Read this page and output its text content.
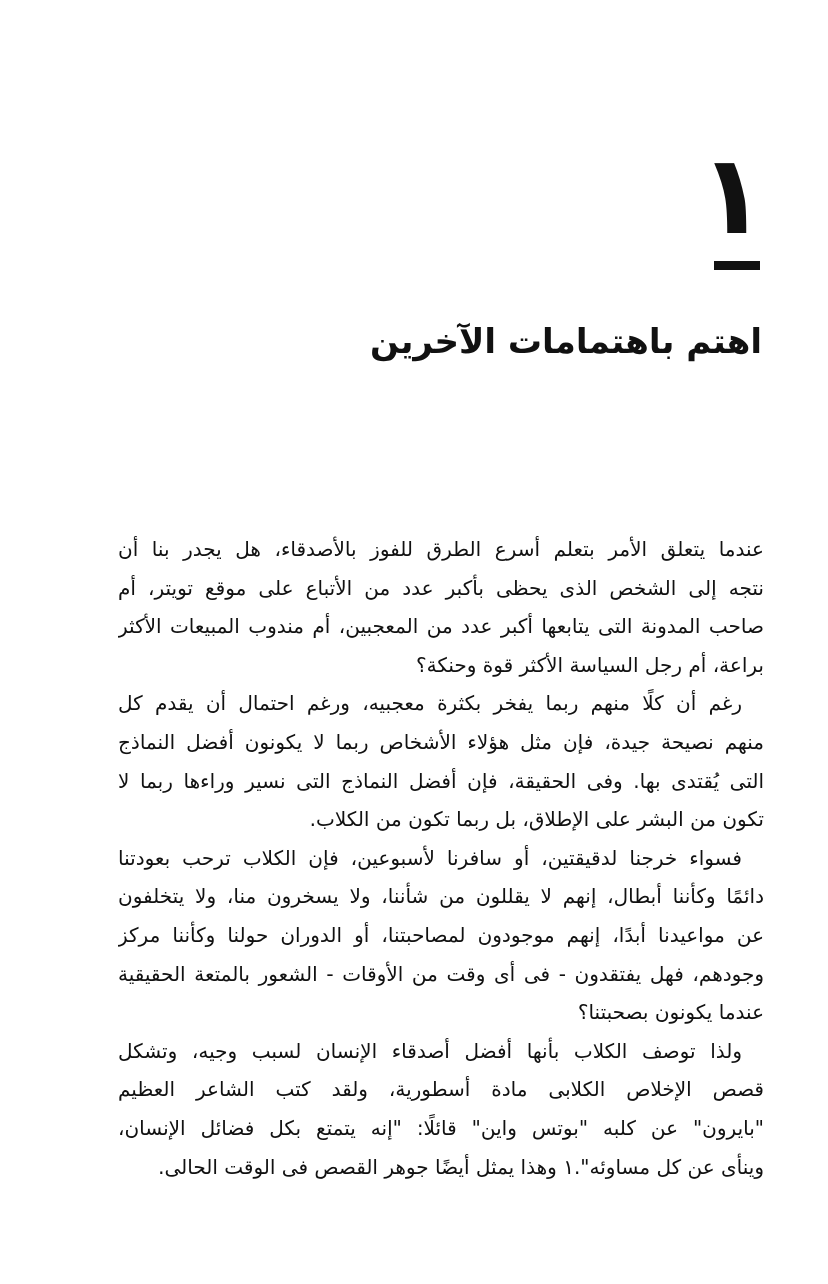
١
اهتم باهتمامات الآخرين
عندما يتعلق الأمر بتعلم أسرع الطرق للفوز بالأصدقاء، هل يجدر بنا أن
نتجه إلى الشخص الذى يحظى بأكبر عدد من الأتباع على موقع تويتر، أم
صاحب المدونة التى يتابعها أكبر عدد من المعجبين، أم مندوب المبيعات الأكثر
براعة، أم رجل السياسة الأكثر قوة وحنكة؟
رغم أن كلًا منهم ربما يفخر بكثرة معجبيه، ورغم احتمال أن يقدم كل
منهم نصيحة جيدة، فإن مثل هؤلاء الأشخاص ربما لا يكونون أفضل النماذج
التى يُقتدى بها. وفى الحقيقة، فإن أفضل النماذج التى نسير وراءها ربما لا
تكون من البشر على الإطلاق، بل ربما تكون من الكلاب.
فسواء خرجنا لدقيقتين، أو سافرنا لأسبوعين، فإن الكلاب ترحب بعودتنا
دائمًا وكأننا أبطال، إنهم لا يقللون من شأننا، ولا يسخرون منا، ولا يتخلفون
عن مواعيدنا أبدًا، إنهم موجودون لمصاحبتنا، أو الدوران حولنا وكأننا مركز
وجودهم، فهل يفتقدون - فى أى وقت من الأوقات - الشعور بالمتعة الحقيقية
عندما يكونون بصحبتنا؟
ولذا توصف الكلاب بأنها أفضل أصدقاء الإنسان لسبب وجيه، وتشكل
قصص الإخلاص الكلابى مادة أسطورية، ولقد كتب الشاعر العظيم
"بايرون" عن كلبه "بوتس واين" قائلًا: "إنه يتمتع بكل فضائل الإنسان،
وينأى عن كل مساوئه".١ وهذا يمثل أيضًا جوهر القصص فى الوقت الحالى.
